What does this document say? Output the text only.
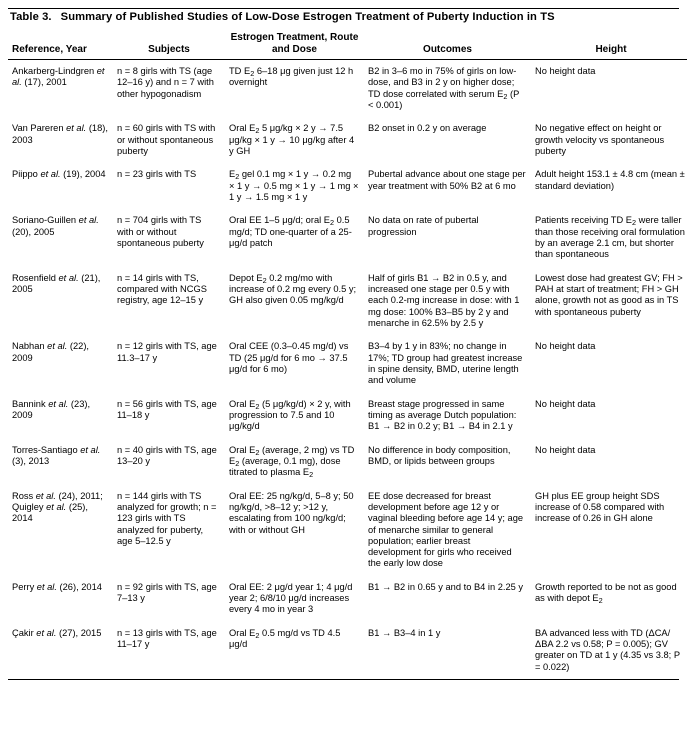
Table 3. Summary of Published Studies of Low-Dose Estrogen Treatment of Puberty Induction in TS
Reference, Year	Subjects	Estrogen Treatment, Route and Dose	Outcomes	Height
Ankarberg-Lindgren et al. (17), 2001	n = 8 girls with TS (age 12–16 y) and n = 7 with other hypogonadism	TD $E_2$ 6–18 μg given just 12 h overnight	B2 in 3–6 mo in 75% of girls on low-dose, and B3 in 2 y on higher dose; TD dose correlated with serum $E_2$ (P < 0.001)	No height data
Van Pareren et al. (18), 2003	n = 60 girls with TS with or without spontaneous puberty	Oral $E_2$ 5 μg/kg × 2 y → 7.5 μg/kg × 1 y → 10 μg/kg after 4 y GH	B2 onset in 0.2 y on average	No negative effect on height or growth velocity vs spontaneous puberty
Piippo et al. (19), 2004	n = 23 girls with TS	$E_2$ gel 0.1 mg × 1 y → 0.2 mg × 1 y → 0.5 mg × 1 y → 1 mg × 1 y → 1.5 mg × 1 y	Pubertal advance about one stage per year treatment with 50% B2 at 6 mo	Adult height 153.1 ± 4.8 cm (mean ± standard deviation)
Soriano-Guillen et al. (20), 2005	n = 704 girls with TS with or without spontaneous puberty	Oral EE 1–5 μg/d; oral $E_2$ 0.5 mg/d; TD one-quarter of a 25-μg/d patch	No data on rate of pubertal progression	Patients receiving TD $E_2$ were taller than those receiving oral formulation by an average 2.1 cm, but shorter than spontaneous
Rosenfield et al. (21), 2005	n = 14 girls with TS, compared with NCGS registry, age 12–15 y	Depot $E_2$ 0.2 mg/mo with increase of 0.2 mg every 0.5 y; GH also given 0.05 mg/kg/d	Half of girls B1 → B2 in 0.5 y, and increased one stage per 0.5 y with each 0.2-mg increase in dose: with 1 mg dose: 100% B3–B5 by 2 y and menarche in 62.5% by 2.5 y	Lowest dose had greatest GV; FH > PAH at start of treatment; FH > GH alone, growth not as good as in TS with spontaneous puberty
Nabhan et al. (22), 2009	n = 12 girls with TS, age 11.3–17 y	Oral CEE (0.3–0.45 mg/d) vs TD (25 μg/d for 6 mo → 37.5 μg/d for 6 mo)	B3–4 by 1 y in 83%; no change in 17%; TD group had greatest increase in spine density, BMD, uterine length and volume	No height data
Bannink et al. (23), 2009	n = 56 girls with TS, age 11–18 y	Oral $E_2$ (5 μg/kg/d) × 2 y, with progression to 7.5 and 10 μg/kg/d	Breast stage progressed in same timing as average Dutch population: B1 → B2 in 0.2 y; B1 → B4 in 2.1 y	No height data
Torres-Santiago et al. (3), 2013	n = 40 girls with TS, age 13–20 y	Oral $E_2$ (average, 2 mg) vs TD $E_2$ (average, 0.1 mg), dose titrated to plasma $E_2$	No difference in body composition, BMD, or lipids between groups	No height data
Ross et al. (24), 2011; Quigley et al. (25), 2014	n = 144 girls with TS analyzed for growth; n = 123 girls with TS analyzed for puberty, age 5–12.5 y	Oral EE: 25 ng/kg/d, 5–8 y; 50 ng/kg/d, >8–12 y; >12 y, escalating from 100 ng/kg/d; with or without GH	EE dose decreased for breast development before age 12 y or vaginal bleeding before age 14 y; age of menarche similar to general population; earlier breast development for girls who received the early low dose	GH plus EE group height SDS increase of 0.58 compared with increase of 0.26 in GH alone
Perry et al. (26), 2014	n = 92 girls with TS, age 7–13 y	Oral EE: 2 μg/d year 1; 4 μg/d year 2; 6/8/10 μg/d increases every 4 mo in year 3	B1 → B2 in 0.65 y and to B4 in 2.25 y	Growth reported to be not as good as with depot $E_2$
Çakir et al. (27), 2015	n = 13 girls with TS, age 11–17 y	Oral $E_2$ 0.5 mg/d vs TD 4.5 μg/d	B1 → B3–4 in 1 y	BA advanced less with TD (ΔCA/ΔBA 2.2 vs 0.58; P = 0.005); GV greater on TD at 1 y (4.35 vs 3.8; P = 0.022)
